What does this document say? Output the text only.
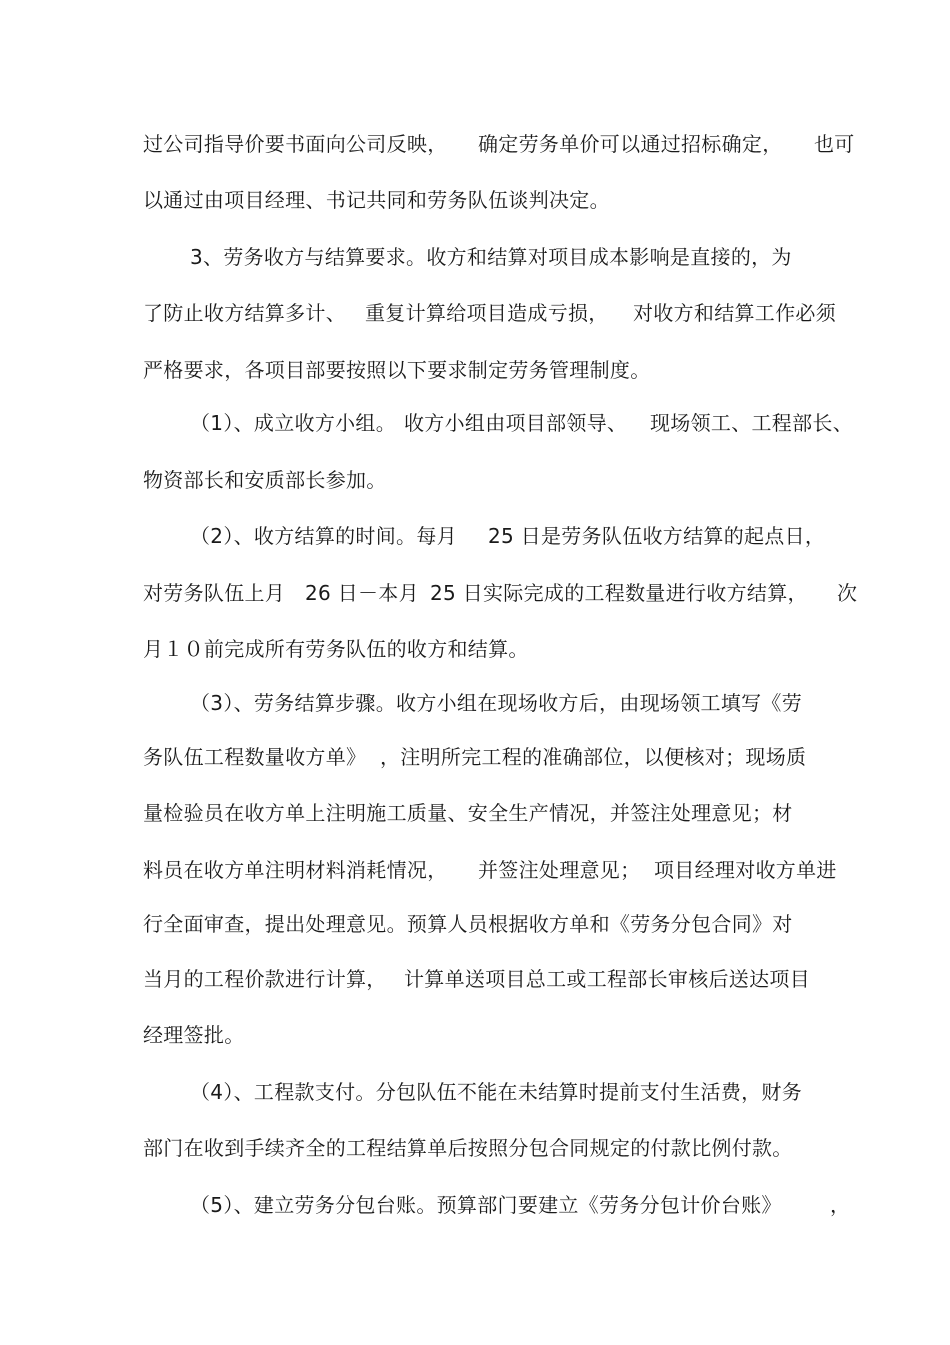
过公司指导价要书面向公司反映， 确定劳务单价可以通过招标确定， 也可
以通过由项目经理、书记共同和劳务队伍谈判决定。
3、劳务收方与结算要求。收方和结算对项目成本影响是直接的，为
了防止收方结算多计、 重复计算给项目造成亏损， 对收方和结算工作必须
严格要求，各项目部要按照以下要求制定劳务管理制度。
（1）、成立收方小组。 收方小组由项目部领导、 现场领工、工程部长、
物资部长和安质部长参加。
（2）、收方结算的时间。每月 25 日是劳务队伍收方结算的起点日，
对劳务队伍上月 26 日－本月 25 日实际完成的工程数量进行收方结算， 次
月１０前完成所有劳务队伍的收方和结算。
（3）、劳务结算步骤。收方小组在现场收方后，由现场领工填写《劳
务队伍工程数量收方单》 ，注明所完工程的准确部位，以便核对；现场质
量检验员在收方单上注明施工质量、安全生产情况，并签注处理意见；材
料员在收方单注明材料消耗情况， 并签注处理意见； 项目经理对收方单进
行全面审查，提出处理意见。预算人员根据收方单和《劳务分包合同》对
当月的工程价款进行计算， 计算单送项目总工或工程部长审核后送达项目
经理签批。
（4）、工程款支付。分包队伍不能在未结算时提前支付生活费，财务
部门在收到手续齐全的工程结算单后按照分包合同规定的付款比例付款。
（5）、建立劳务分包台账。预算部门要建立《劳务分包计价台账》 ，
